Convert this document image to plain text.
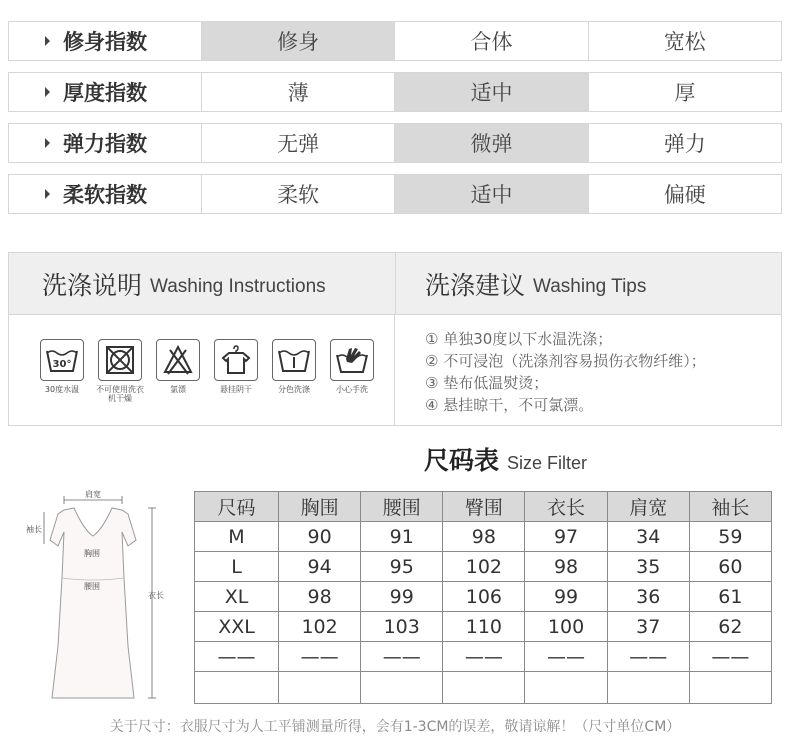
修身指数	修身	合体	宽松
厚度指数	薄	适中	厚
弹力指数	无弹	微弹	弹力
柔软指数	柔软	适中	偏硬
洗涤说明 Washing Instructions	洗涤建议 Washing Tips
30°
30度水温 不可使用洗衣机干燥
氯漂	悬挂阴干	分色洗涤	小心手洗
① 单独30度以下水温洗涤；
② 不可浸泡（洗涤剂容易损伤衣物纤维）；
③ 垫布低温熨烫；
④ 悬挂晾干，不可氯漂。
尺码表 Size Filter
肩宽
袖长
胸围
腰围
衣长
尺码	胸围	腰围	臀围	衣长	肩宽	袖长
M	90	91	98	97	34	59
L	94	95	102	98	35	60
XL	98	99	106	99	36	61
XXL	102	103	110	100	37	62
——	——	——	——	——	——	——

关于尺寸：衣服尺寸为人工平铺测量所得，会有1-3CM的误差，敬请谅解！（尺寸单位CM）
